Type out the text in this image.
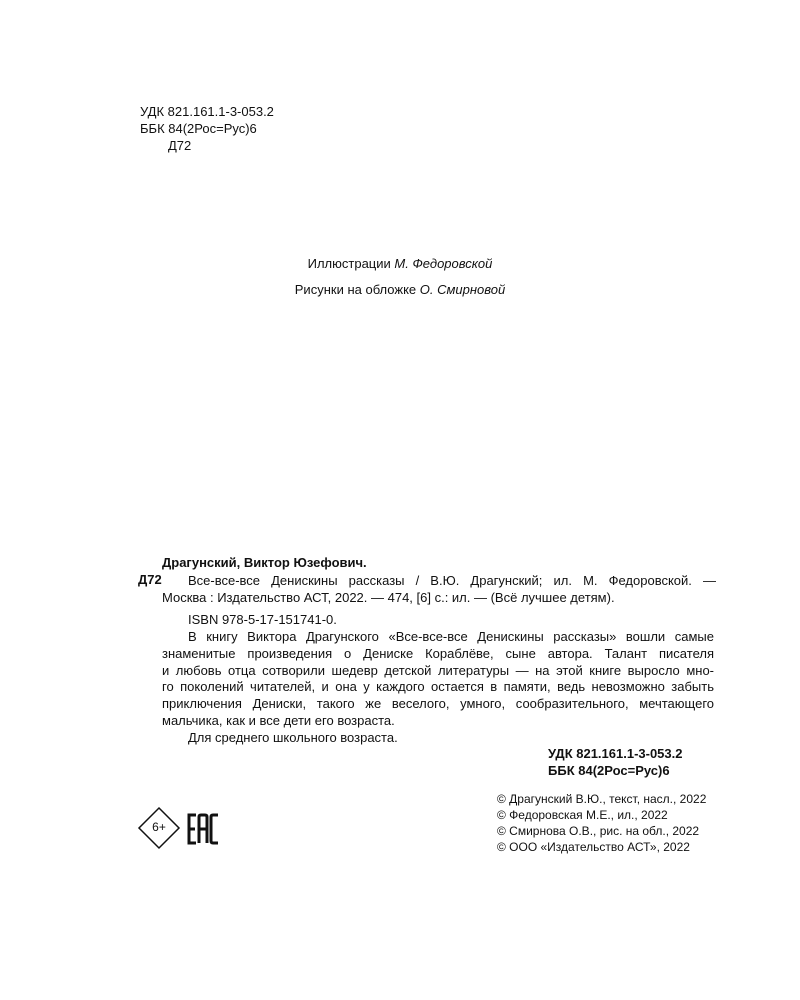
УДК 821.161.1-3-053.2
ББК 84(2Рос=Рус)6
Д72
Иллюстрации М. Федоровской
Рисунки на обложке О. Смирновой
Драгунский, Виктор Юзефович.
Д72 Все-все-все Денискины рассказы / В.Ю. Драгунский; ил. М. Федоровской. —
Москва : Издательство АСТ, 2022. — 474, [6] с.: ил. — (Всё лучшее детям).
ISBN 978-5-17-151741-0.
В книгу Виктора Драгунского «Все-все-все Денискины рассказы» вошли самые
знаменитые произведения о Дениске Кораблёве, сыне автора. Талант писателя
и любовь отца сотворили шедевр детской литературы — на этой книге выросло мно-
го поколений читателей, и она у каждого остается в памяти, ведь невозможно забыть
приключения Дениски, такого же веселого, умного, сообразительного, мечтающего
мальчика, как и все дети его возраста.
Для среднего школьного возраста.
УДК 821.161.1-3-053.2
ББК 84(2Рос=Рус)6
6+
© Драгунский В.Ю., текст, насл., 2022
© Федоровская М.Е., ил., 2022
© Смирнова О.В., рис. на обл., 2022
© ООО «Издательство АСТ», 2022
